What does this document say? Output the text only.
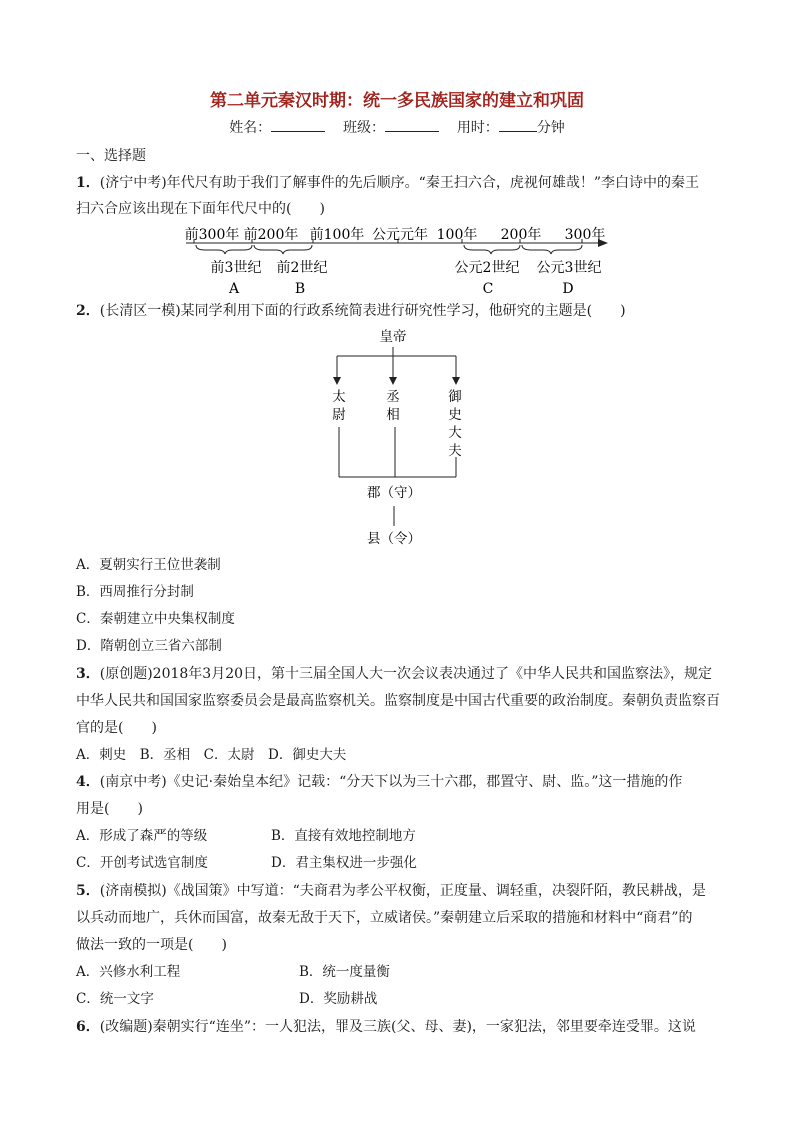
第二单元秦汉时期：统一多民族国家的建立和巩固
姓名：	班级：	用时：	分钟
一、选择题
1．(济宁中考)年代尺有助于我们了解事件的先后顺序。“秦王扫六合，虎视何雄哉！”李白诗中的秦王
扫六合应该出现在下面年代尺中的(　　)
前300年 前200年 前100年 公元元年 100年 200年 300年
前3世纪 前2世纪	公元2世纪 公元3世纪
A	B	C	D
2．(长清区一模)某同学利用下面的行政系统简表进行研究性学习，他研究的主题是(　　)
皇帝
太
尉
丞
相
御
史
大
夫
郡（守）
县（令）
A．夏朝实行王位世袭制
B．西周推行分封制
C．秦朝建立中央集权制度
D．隋朝创立三省六部制
3．(原创题)2018年3月20日，第十三届全国人大一次会议表决通过了《中华人民共和国监察法》，规定
中华人民共和国国家监察委员会是最高监察机关。监察制度是中国古代重要的政治制度。秦朝负责监察百
官的是(　　)
A．刺史　B．丞相　C．太尉　D．御史大夫
4．(南京中考)《史记·秦始皇本纪》记载：“分天下以为三十六郡，郡置守、尉、监。”这一措施的作
用是(　　)
A．形成了森严的等级	B．直接有效地控制地方
C．开创考试选官制度	D．君主集权进一步强化
5．(济南模拟)《战国策》中写道：“夫商君为孝公平权衡，正度量、调轻重，决裂阡陌，教民耕战，是
以兵动而地广，兵休而国富，故秦无敌于天下，立威诸侯。”秦朝建立后采取的措施和材料中“商君”的
做法一致的一项是(　　)
A．兴修水利工程	B．统一度量衡
C．统一文字	D．奖励耕战
6．(改编题)秦朝实行“连坐”：一人犯法，罪及三族(父、母、妻)，一家犯法，邻里要牵连受罪。这说
